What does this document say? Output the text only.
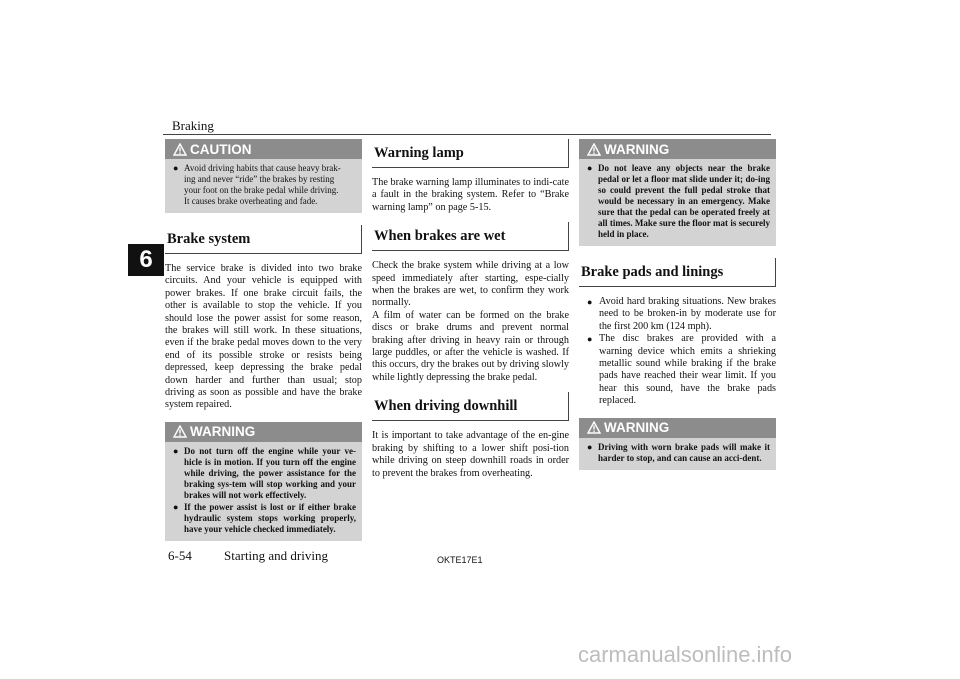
Braking
6
CAUTION
● Avoid driving habits that cause heavy brak-
ing and never “ride” the brakes by resting
your foot on the brake pedal while driving.
It causes brake overheating and fade.
Brake system

The service brake is divided into two brake circuits. And your vehicle is equipped with power brakes. If one brake circuit fails, the other is available to stop the vehicle. If you should lose the power assist for some reason, the brakes will still work. In these situations, even if the brake pedal moves down to the very end of its possible stroke or resists being depressed, keep depressing the brake pedal down harder and further than usual; stop driving as soon as possible and have the brake system repaired.

WARNING
● Do not turn off the engine while your ve-hicle is in motion. If you turn off the engine while driving, the power assistance for the braking sys-tem will stop working and your brakes will not work effectively.
● If the power assist is lost or if either brake hydraulic system stops working properly, have your vehicle checked immediately.
Warning lamp

The brake warning lamp illuminates to indi-cate a fault in the braking system. Refer to “Brake warning lamp” on page 5-15.

When brakes are wet

Check the brake system while driving at a low speed immediately after starting, espe-cially when the brakes are wet, to confirm they work normally.

A film of water can be formed on the brake discs or brake drums and prevent normal braking after driving in heavy rain or through large puddles, or after the vehicle is washed. If this occurs, dry the brakes out by driving slowly while lightly depressing the brake pedal.

When driving downhill

It is important to take advantage of the en-gine braking by shifting to a lower shift posi-tion while driving on steep downhill roads in order to prevent the brakes from overheating.

WARNING
● Do not leave any objects near the brake pedal or let a floor mat slide under it; do-ing so could prevent the full pedal stroke that would be necessary in an emergency. Make sure that the pedal can be operated freely at all times. Make sure the floor mat is securely held in place.
Brake pads and linings
● Avoid hard braking situations. New brakes need to be broken-in by moderate use for the first 200 km (124 mph).
● The disc brakes are provided with a warning device which emits a shrieking metallic sound while braking if the brake pads have reached their wear limit. If you hear this sound, have the brake pads replaced.
WARNING
● Driving with worn brake pads will make it harder to stop, and can cause an acci-dent.
6-54 Starting and driving	OKTE17E1
carmanualsonline.info
